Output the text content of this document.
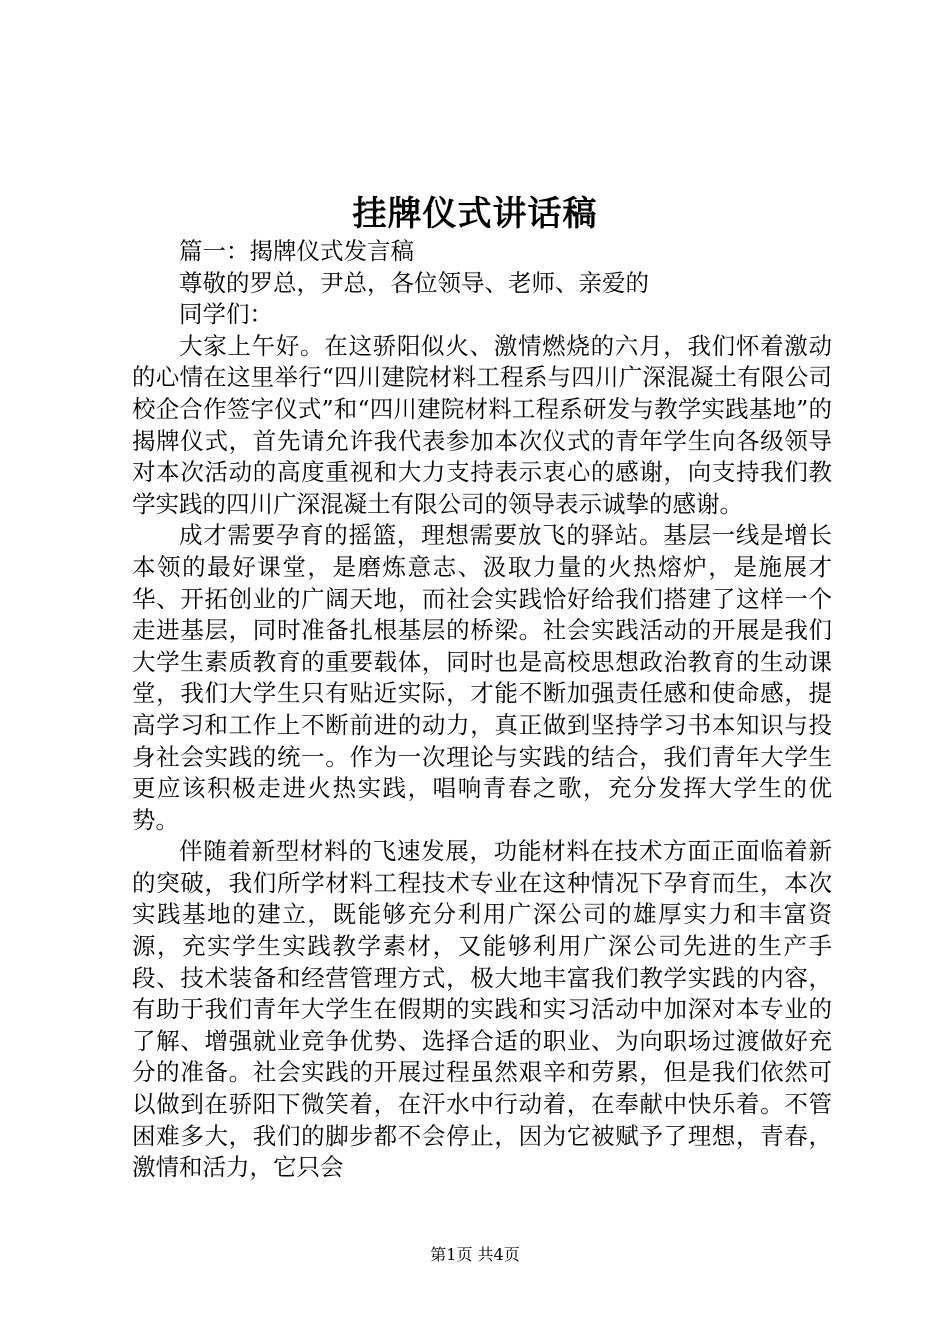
挂牌仪式讲话稿

篇一：揭牌仪式发言稿

尊敬的罗总，尹总，各位领导、老师、亲爱的

同学们：

大家上午好。在这骄阳似火、激情燃烧的六月，我们怀着激动的心情在这里举行“四川建院材料工程系与四川广深混凝土有限公司校企合作签字仪式”和“四川建院材料工程系研发与教学实践基地”的揭牌仪式，首先请允许我代表参加本次仪式的青年学生向各级领导对本次活动的高度重视和大力支持表示衷心的感谢，向支持我们教学实践的四川广深混凝土有限公司的领导表示诚挚的感谢。

成才需要孕育的摇篮，理想需要放飞的驿站。基层一线是增长本领的最好课堂，是磨炼意志、汲取力量的火热熔炉，是施展才华、开拓创业的广阔天地，而社会实践恰好给我们搭建了这样一个走进基层，同时准备扎根基层的桥梁。社会实践活动的开展是我们大学生素质教育的重要载体，同时也是高校思想政治教育的生动课堂，我们大学生只有贴近实际，才能不断加强责任感和使命感，提高学习和工作上不断前进的动力，真正做到坚持学习书本知识与投身社会实践的统一。作为一次理论与实践的结合，我们青年大学生更应该积极走进火热实践，唱响青春之歌，充分发挥大学生的优势。

伴随着新型材料的飞速发展，功能材料在技术方面正面临着新的突破，我们所学材料工程技术专业在这种情况下孕育而生，本次实践基地的建立，既能够充分利用广深公司的雄厚实力和丰富资源，充实学生实践教学素材，又能够利用广深公司先进的生产手段、技术装备和经营管理方式，极大地丰富我们教学实践的内容，有助于我们青年大学生在假期的实践和实习活动中加深对本专业的了解、增强就业竞争优势、选择合适的职业、为向职场过渡做好充分的准备。社会实践的开展过程虽然艰辛和劳累，但是我们依然可以做到在骄阳下微笑着，在汗水中行动着，在奉献中快乐着。不管困难多大，我们的脚步都不会停止，因为它被赋予了理想，青春，激情和活力，它只会

第1页 共4页
